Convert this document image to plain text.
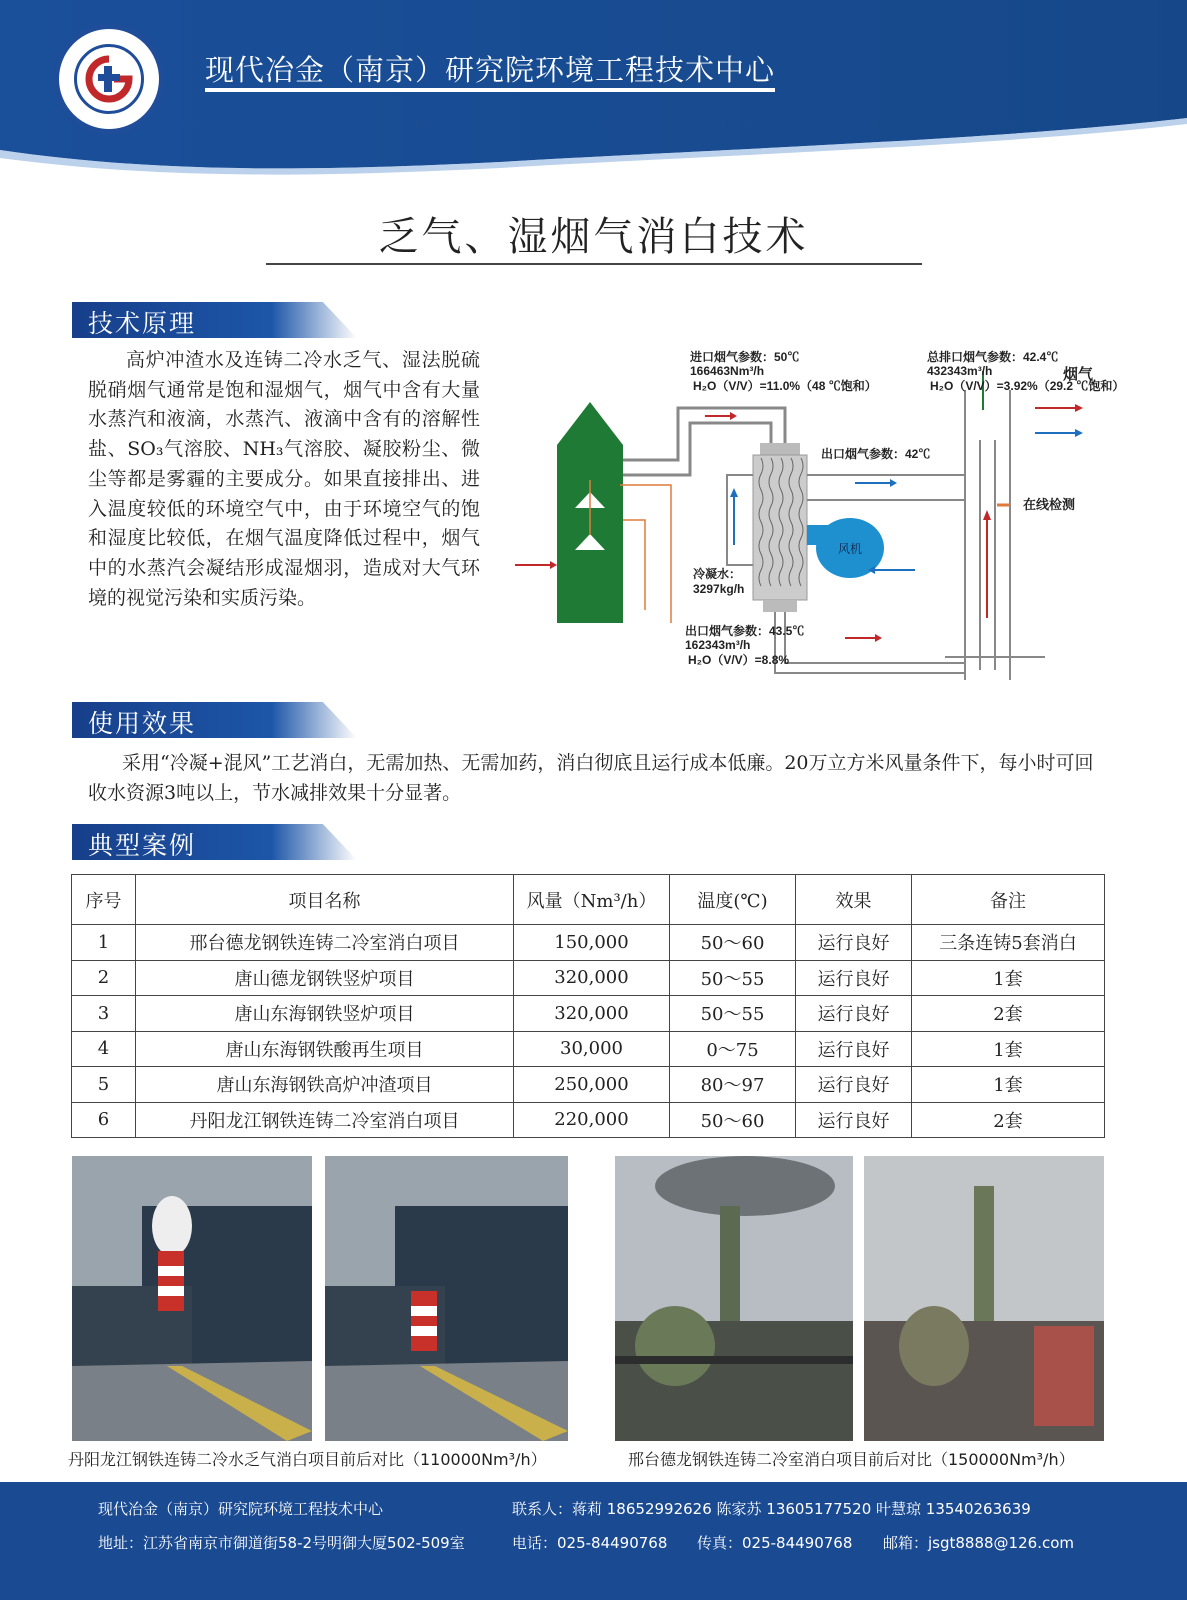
现代冶金（南京）研究院环境工程技术中心
乏气、湿烟气消白技术
技术原理
高炉冲渣水及连铸二冷水乏气、湿法脱硫脱硝烟气通常是饱和湿烟气，烟气中含有大量水蒸汽和液滴，水蒸汽、液滴中含有的溶解性盐、SO₃气溶胶、NH₃气溶胶、凝胶粉尘、微尘等都是雾霾的主要成分。如果直接排出、进入温度较低的环境空气中，由于环境空气的饱和湿度比较低，在烟气温度降低过程中，烟气中的水蒸汽会凝结形成湿烟羽，造成对大气环境的视觉污染和实质污染。
进口烟气参数：50℃
166463Nm³/h
H₂O（V/V）=11.0%（48 ℃饱和）
总排口烟气参数：42.4℃
432343m³/h
H₂O（V/V）=3.92%（29.2 ℃饱和）
烟气
出口烟气参数：42℃
在线检测
风机
冷凝水：
3297kg/h
出口烟气参数：43.5℃
162343m³/h
H₂O（V/V）=8.8%
使用效果
采用“冷凝+混风”工艺消白，无需加热、无需加药，消白彻底且运行成本低廉。20万立方米风量条件下，每小时可回收水资源3吨以上，节水减排效果十分显著。
典型案例
序号	项目名称	风量（Nm³/h）	温度(℃)	效果	备注
1	邢台德龙钢铁连铸二冷室消白项目	150,000	50～60	运行良好	三条连铸5套消白
2	唐山德龙钢铁竖炉项目	320,000	50～55	运行良好	1套
3	唐山东海钢铁竖炉项目	320,000	50～55	运行良好	2套
4	唐山东海钢铁酸再生项目	30,000	0～75	运行良好	1套
5	唐山东海钢铁高炉冲渣项目	250,000	80～97	运行良好	1套
6	丹阳龙江钢铁连铸二冷室消白项目	220,000	50～60	运行良好	2套
丹阳龙江钢铁连铸二冷水乏气消白项目前后对比（110000Nm³/h）	邢台德龙钢铁连铸二冷室消白项目前后对比（150000Nm³/h）
现代冶金（南京）研究院环境工程技术中心	联系人：蒋莉 18652992626 陈家苏 13605177520 叶慧琼 13540263639
地址：江苏省南京市御道街58-2号明御大厦502-509室	电话：025-84490768 传真：025-84490768 邮箱：jsgt8888@126.com
